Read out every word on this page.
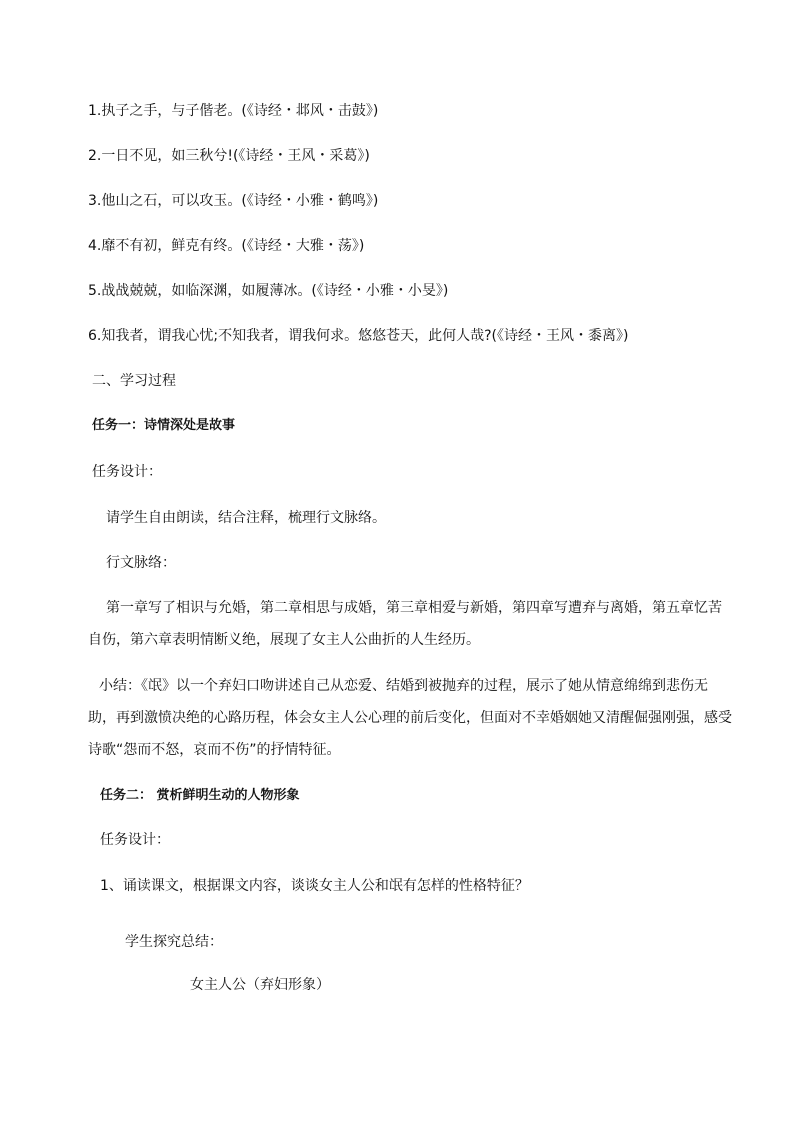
1.执子之手，与子偕老。(《诗经・邶风・击鼓》)
2.一日不见，如三秋兮!(《诗经・王风・采葛》)
3.他山之石，可以攻玉。(《诗经・小雅・鹤鸣》)
4.靡不有初，鲜克有终。(《诗经・大雅・荡》)
5.战战兢兢，如临深渊，如履薄冰。(《诗经・小雅・小旻》)
6.知我者，谓我心忧;不知我者，谓我何求。悠悠苍天，此何人哉?(《诗经・王风・黍离》)
二、学习过程
任务一：诗情深处是故事
任务设计：
请学生自由朗读，结合注释，梳理行文脉络。
行文脉络：
第一章写了相识与允婚，第二章相思与成婚，第三章相爱与新婚，第四章写遭弃与离婚，第五章忆苦
自伤，第六章表明情断义绝，展现了女主人公曲折的人生经历。
小结：《氓》以一个弃妇口吻讲述自己从恋爱、结婚到被抛弃的过程，展示了她从情意绵绵到悲伤无
助，再到激愤决绝的心路历程，体会女主人公心理的前后变化，但面对不幸婚姻她又清醒倔强刚强，感受
诗歌“怨而不怒，哀而不伤”的抒情特征。
任务二： 赏析鲜明生动的人物形象
任务设计：
1、诵读课文，根据课文内容，谈谈女主人公和氓有怎样的性格特征？
学生探究总结：
女主人公（弃妇形象）
